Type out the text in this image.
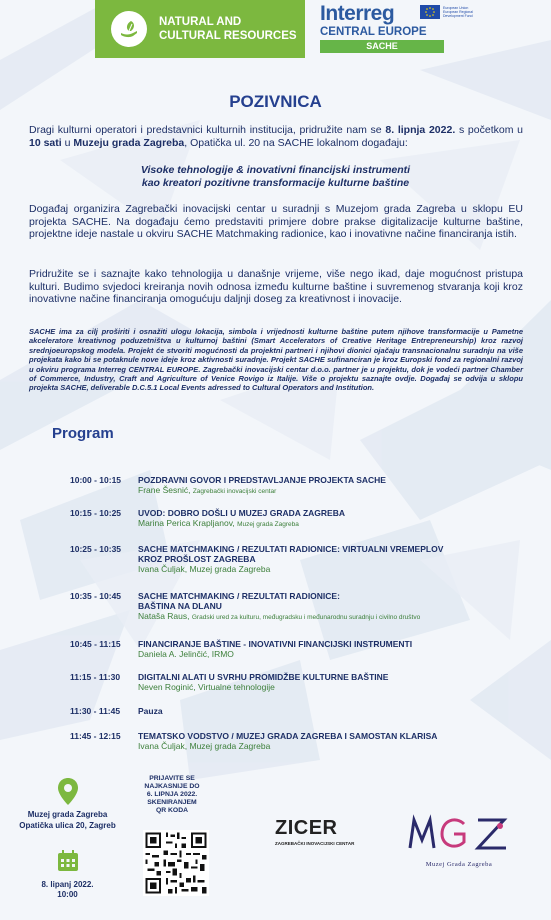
NATURAL AND
CULTURAL RESOURCES
Interreg
CENTRAL EUROPE
European Union European Regional Development Fund
SACHE
POZIVNICA
Dragi kulturni operatori i predstavnici kulturnih institucija, pridružite nam se 8. lipnja 2022. s početkom u 10 sati u Muzeju grada Zagreba, Opatička ul. 20 na SACHE lokalnom događaju:
Visoke tehnologije & inovativni financijski instrumenti
kao kreatori pozitivne transformacije kulturne baštine
Događaj organizira Zagrebački inovacijski centar u suradnji s Muzejom grada Zagreba u sklopu EU projekta SACHE. Na događaju ćemo predstaviti primjere dobre prakse digitalizacije kulturne baštine, projektne ideje nastale u okviru SACHE Matchmaking radionice, kao i inovativne načine financiranja istih.
Pridružite se i saznajte kako tehnologija u današnje vrijeme, više nego ikad, daje mogućnost pristupa kulturi. Budimo svjedoci kreiranja novih odnosa između kulturne baštine i suvremenog stvaranja koji kroz inovativne načine financiranja omogućuju daljnji doseg za kreativnost i inovacije.
SACHE ima za cilj proširiti i osnažiti ulogu lokacija, simbola i vrijednosti kulturne baštine putem njihove transformacije u Pametne akceleratore kreativnog poduzetništva u kulturnoj baštini (Smart Accelerators of Creative Heritage Entrepreneurship) kroz razvoj srednjoeuropskog modela. Projekt će stvoriti mogućnosti da projektni partneri i njihovi dionici ojačaju transnacionalnu suradnju na više projekata kako bi se potaknule nove ideje kroz aktivnosti suradnje. Projekt SACHE sufinanciran je kroz Europski fond za regionalni razvoj u okviru programa Interreg CENTRAL EUROPE. Zagrebački inovacijski centar d.o.o. partner je u projektu, dok je vodeći partner Chamber of Commerce, Industry, Craft and Agriculture of Venice Rovigo iz Italije. Više o projektu saznajte ovdje. Događaj se odvija u sklopu projekta SACHE, deliverable D.C.5.1 Local Events adressed to Cultural Operators and Institution.
Program
10:00 - 10:15	POZDRAVNI GOVOR I PREDSTAVLJANJE PROJEKTA SACHE
Frane Šesnić, Zagrebački inovacijski centar
10:15 - 10:25	UVOD: DOBRO DOŠLI U MUZEJ GRADA ZAGREBA
Marina Perica Krapljanov, Muzej grada Zagreba
10:25 - 10:35	SACHE MATCHMAKING / REZULTATI RADIONICE: VIRTUALNI VREMEPLOV
KROZ PROŠLOST ZAGREBA
Ivana Čuljak, Muzej grada Zagreba
10:35 - 10:45	SACHE MATCHMAKING / REZULTATI RADIONICE:
BAŠTINA NA DLANU
Nataša Raus, Gradski ured za kulturu, međugradsku i međunarodnu suradnju i civilno društvo
10:45 - 11:15	FINANCIRANJE BAŠTINE - INOVATIVNI FINANCIJSKI INSTRUMENTI
Daniela A. Jelinčić, IRMO
11:15 - 11:30	DIGITALNI ALATI U SVRHU PROMIDŽBE KULTURNE BAŠTINE
Neven Roginić, Virtualne tehnologije
11:30 - 11:45	Pauza
11:45 - 12:15	TEMATSKO VODSTVO / MUZEJ GRADA ZAGREBA I SAMOSTAN KLARISA
Ivana Čuljak, Muzej grada Zagreba
Muzej grada Zagreba
Opatička ulica 20, Zagreb
8. lipanj 2022.
10:00
PRIJAVITE SE
NAJKASNIJE DO
6. LIPNJA 2022.
SKENIRANJEM
QR KODA
ZICER
ZAGREBAČKI INOVACIJSKI CENTAR
Muzej Grada Zagreba
